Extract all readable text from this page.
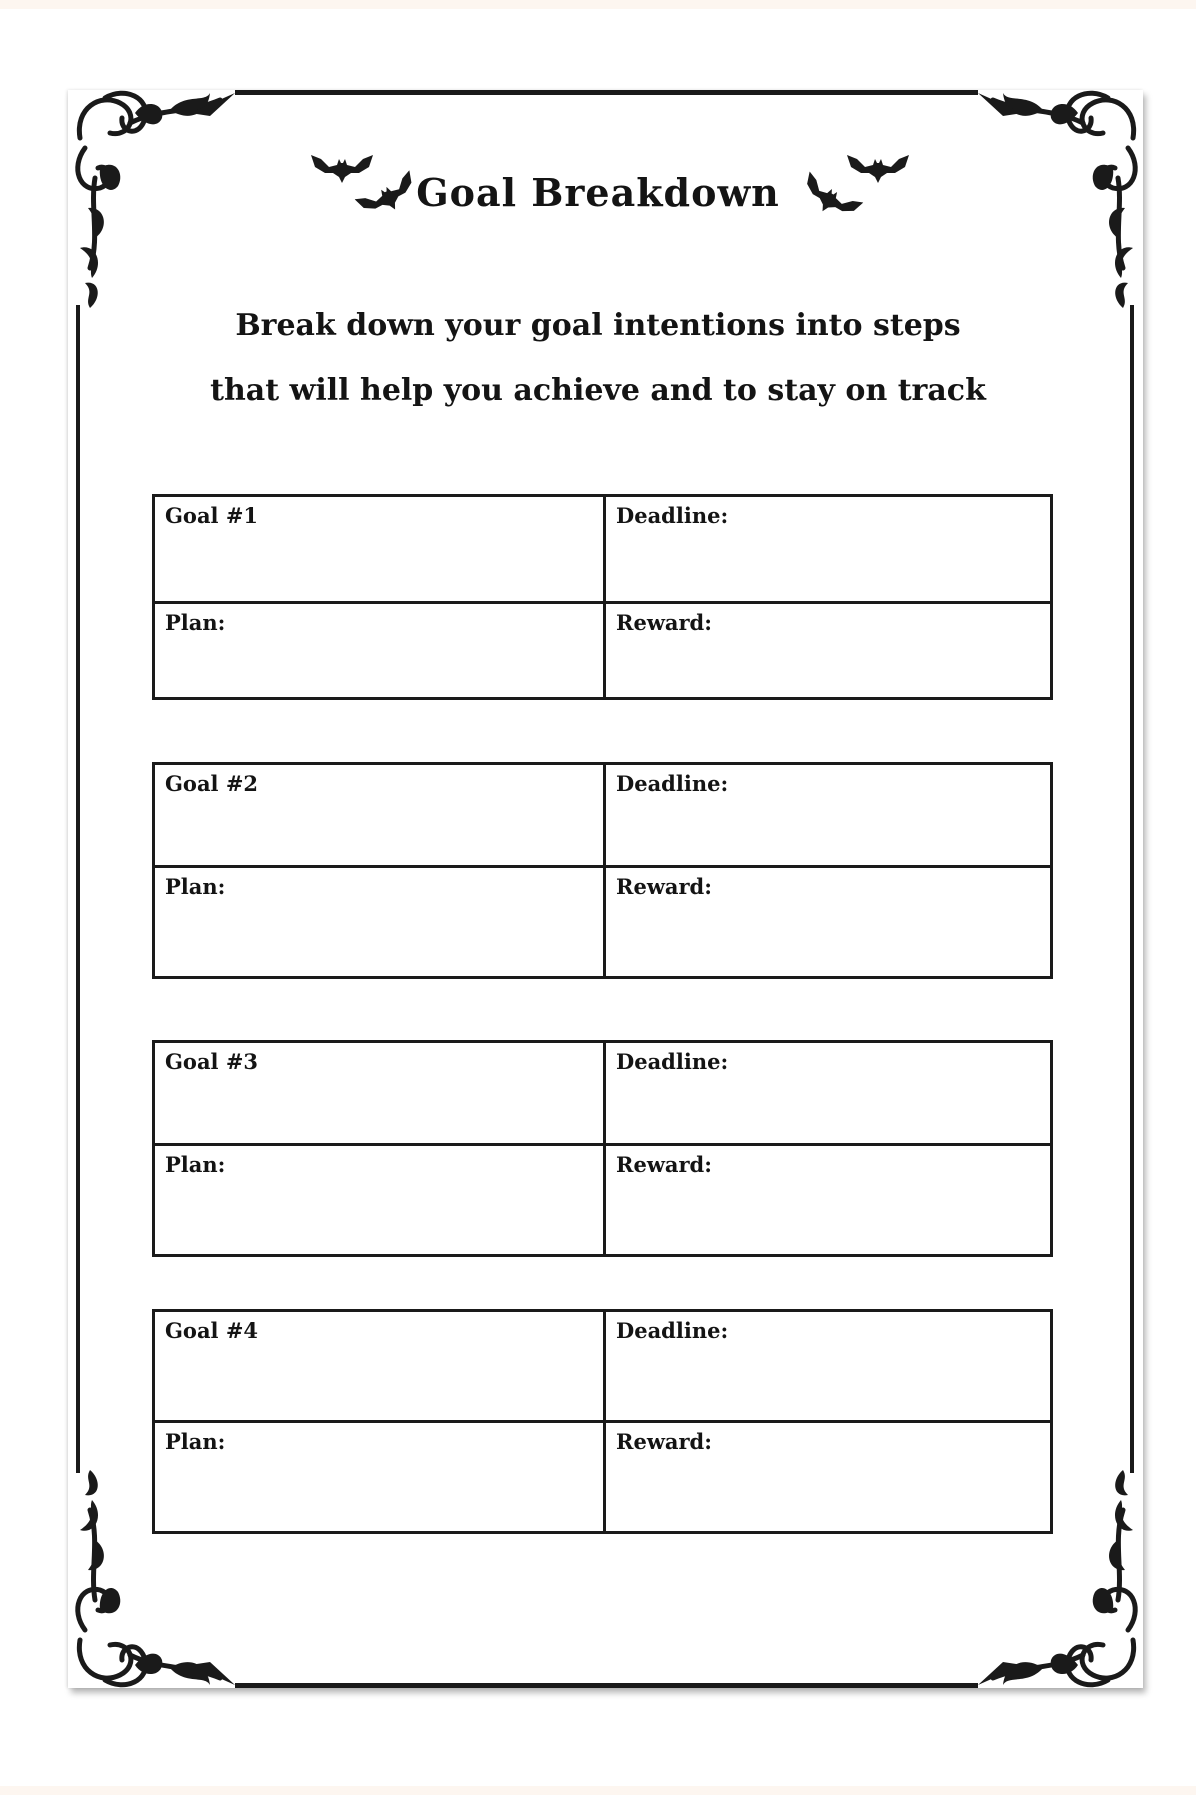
Goal Breakdown
Break down your goal intentions into steps
that will help you achieve and to stay on track
Goal #1	Deadline:
Plan:	Reward:
Goal #2	Deadline:
Plan:	Reward:
Goal #3	Deadline:
Plan:	Reward:
Goal #4	Deadline:
Plan:	Reward:
